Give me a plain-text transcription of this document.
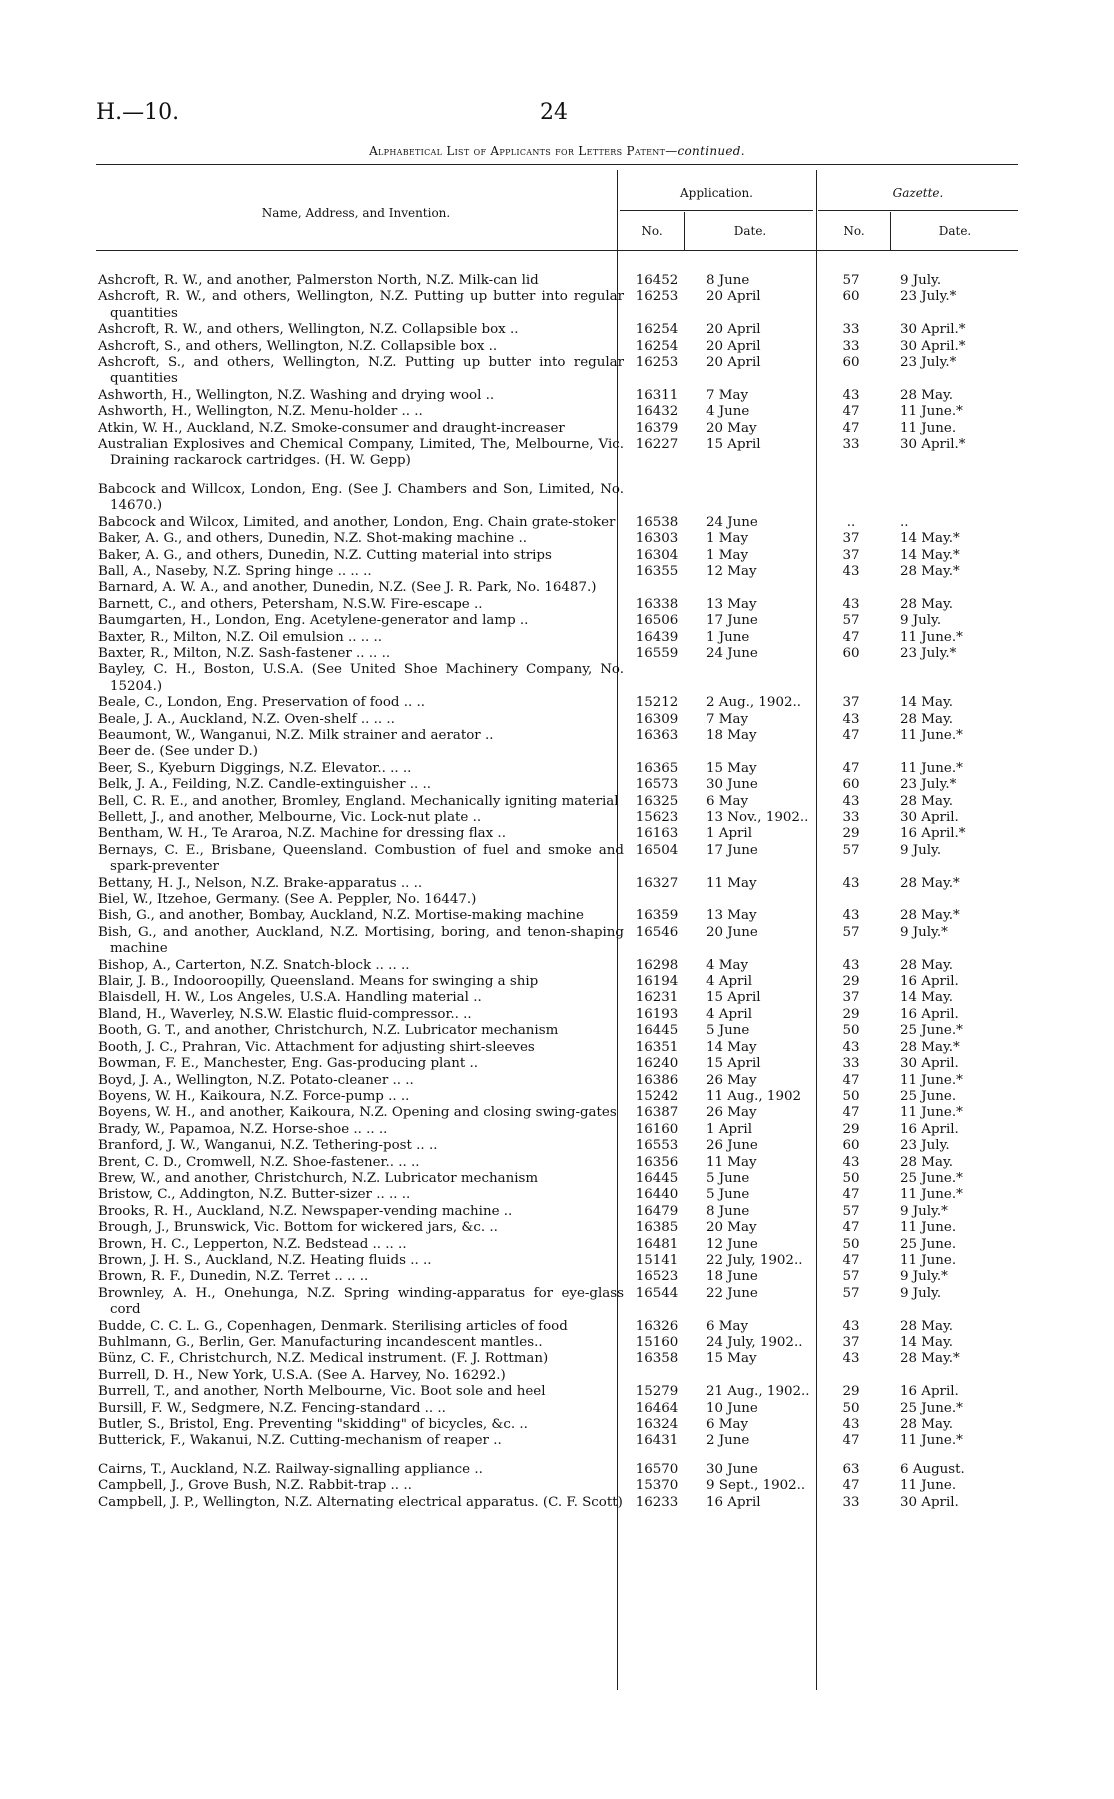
H.—10.	24
Alphabetical List of Applicants for Letters Patent—continued.
Name, Address, and Invention.
Application.	Gazette.
No.	Date.	No.	Date.
Ashcroft, R. W., and another, Palmerston North, N.Z. Milk-can lid	16452 8 June	57	9 July.
Ashcroft, R. W., and others, Wellington, N.Z. Putting up butter into regular quantities
16253 20 April	60	23 July.*
Ashcroft, R. W., and others, Wellington, N.Z. Collapsible box ..	16254 20 April	33	30 April.*
Ashcroft, S., and others, Wellington, N.Z. Collapsible box ..	16254 20 April	33	30 April.*
Ashcroft, S., and others, Wellington, N.Z. Putting up butter into regular quantities
16253 20 April	60	23 July.*
Ashworth, H., Wellington, N.Z. Washing and drying wool ..	16311 7 May	43	28 May.
Ashworth, H., Wellington, N.Z. Menu-holder .. ..	16432 4 June	47	11 June.*
Atkin, W. H., Auckland, N.Z. Smoke-consumer and draught-increaser	16379 20 May	47	11 June.
Australian Explosives and Chemical Company, Limited, The, Melbourne, Vic. Draining rackarock cartridges. (H. W. Gepp)
16227 15 April	33	30 April.*
Babcock and Willcox, London, Eng. (See J. Chambers and Son, Limited, No. 14670.)
Babcock and Wilcox, Limited, and another, London, Eng. Chain grate-stoker	16538 24 June	..	..
Baker, A. G., and others, Dunedin, N.Z. Shot-making machine ..	16303 1 May	37	14 May.*
Baker, A. G., and others, Dunedin, N.Z. Cutting material into strips	16304 1 May	37	14 May.*
Ball, A., Naseby, N.Z. Spring hinge .. .. ..	16355 12 May	43	28 May.*
Barnard, A. W. A., and another, Dunedin, N.Z. (See J. R. Park, No. 16487.)
Barnett, C., and others, Petersham, N.S.W. Fire-escape ..	16338 13 May	43	28 May.
Baumgarten, H., London, Eng. Acetylene-generator and lamp ..	16506 17 June	57	9 July.
Baxter, R., Milton, N.Z. Oil emulsion .. .. ..	16439 1 June	47	11 June.*
Baxter, R., Milton, N.Z. Sash-fastener .. .. ..	16559 24 June	60	23 July.*
Bayley, C. H., Boston, U.S.A. (See United Shoe Machinery Company, No. 15204.)
Beale, C., London, Eng. Preservation of food .. ..	15212 2 Aug., 1902..	37	14 May.
Beale, J. A., Auckland, N.Z. Oven-shelf .. .. ..	16309 7 May	43	28 May.
Beaumont, W., Wanganui, N.Z. Milk strainer and aerator ..	16363 18 May	47	11 June.*
Beer de. (See under D.)
Beer, S., Kyeburn Diggings, N.Z. Elevator.. .. ..	16365 15 May	47	11 June.*
Belk, J. A., Feilding, N.Z. Candle-extinguisher .. ..	16573 30 June	60	23 July.*
Bell, C. R. E., and another, Bromley, England. Mechanically igniting material	16325 6 May	43	28 May.
Bellett, J., and another, Melbourne, Vic. Lock-nut plate ..	15623 13 Nov., 1902..	33	30 April.
Bentham, W. H., Te Araroa, N.Z. Machine for dressing flax ..	16163 1 April	29	16 April.*
Bernays, C. E., Brisbane, Queensland. Combustion of fuel and smoke and spark-preventer
16504 17 June	57	9 July.
Bettany, H. J., Nelson, N.Z. Brake-apparatus .. ..	16327 11 May	43	28 May.*
Biel, W., Itzehoe, Germany. (See A. Peppler, No. 16447.)
Bish, G., and another, Bombay, Auckland, N.Z. Mortise-making machine	16359 13 May	43	28 May.*
Bish, G., and another, Auckland, N.Z. Mortising, boring, and tenon-shaping machine
16546 20 June	57	9 July.*
Bishop, A., Carterton, N.Z. Snatch-block .. .. ..	16298 4 May	43	28 May.
Blair, J. B., Indooroopilly, Queensland. Means for swinging a ship	16194 4 April	29	16 April.
Blaisdell, H. W., Los Angeles, U.S.A. Handling material ..	16231 15 April	37	14 May.
Bland, H., Waverley, N.S.W. Elastic fluid-compressor.. ..	16193 4 April	29	16 April.
Booth, G. T., and another, Christchurch, N.Z. Lubricator mechanism	16445 5 June	50	25 June.*
Booth, J. C., Prahran, Vic. Attachment for adjusting shirt-sleeves	16351 14 May	43	28 May.*
Bowman, F. E., Manchester, Eng. Gas-producing plant ..	16240 15 April	33	30 April.
Boyd, J. A., Wellington, N.Z. Potato-cleaner .. ..	16386 26 May	47	11 June.*
Boyens, W. H., Kaikoura, N.Z. Force-pump .. ..	15242 11 Aug., 1902	50	25 June.
Boyens, W. H., and another, Kaikoura, N.Z. Opening and closing swing-gates	16387 26 May	47	11 June.*
Brady, W., Papamoa, N.Z. Horse-shoe .. .. ..	16160 1 April	29	16 April.
Branford, J. W., Wanganui, N.Z. Tethering-post .. ..	16553 26 June	60	23 July.
Brent, C. D., Cromwell, N.Z. Shoe-fastener.. .. ..	16356 11 May	43	28 May.
Brew, W., and another, Christchurch, N.Z. Lubricator mechanism	16445 5 June	50	25 June.*
Bristow, C., Addington, N.Z. Butter-sizer .. .. ..	16440 5 June	47	11 June.*
Brooks, R. H., Auckland, N.Z. Newspaper-vending machine ..	16479 8 June	57	9 July.*
Brough, J., Brunswick, Vic. Bottom for wickered jars, &c. ..	16385 20 May	47	11 June.
Brown, H. C., Lepperton, N.Z. Bedstead .. .. ..	16481 12 June	50	25 June.
Brown, J. H. S., Auckland, N.Z. Heating fluids .. ..	15141 22 July, 1902..	47	11 June.
Brown, R. F., Dunedin, N.Z. Terret .. .. ..	16523 18 June	57	9 July.*
Brownley, A. H., Onehunga, N.Z. Spring winding-apparatus for eye-glass cord
16544 22 June	57	9 July.
Budde, C. C. L. G., Copenhagen, Denmark. Sterilising articles of food	16326 6 May	43	28 May.
Buhlmann, G., Berlin, Ger. Manufacturing incandescent mantles..	15160 24 July, 1902..	37	14 May.
Bünz, C. F., Christchurch, N.Z. Medical instrument. (F. J. Rottman)	16358 15 May	43	28 May.*
Burrell, D. H., New York, U.S.A. (See A. Harvey, No. 16292.)
Burrell, T., and another, North Melbourne, Vic. Boot sole and heel	15279 21 Aug., 1902..	29	16 April.
Bursill, F. W., Sedgmere, N.Z. Fencing-standard .. ..	16464 10 June	50	25 June.*
Butler, S., Bristol, Eng. Preventing "skidding" of bicycles, &c. ..	16324 6 May	43	28 May.
Butterick, F., Wakanui, N.Z. Cutting-mechanism of reaper ..	16431 2 June	47	11 June.*
Cairns, T., Auckland, N.Z. Railway-signalling appliance ..	16570 30 June	63	6 August.
Campbell, J., Grove Bush, N.Z. Rabbit-trap .. ..	15370 9 Sept., 1902..	47	11 June.
Campbell, J. P., Wellington, N.Z. Alternating electrical apparatus. (C. F. Scott) 16233 16 April	33	30 April.
